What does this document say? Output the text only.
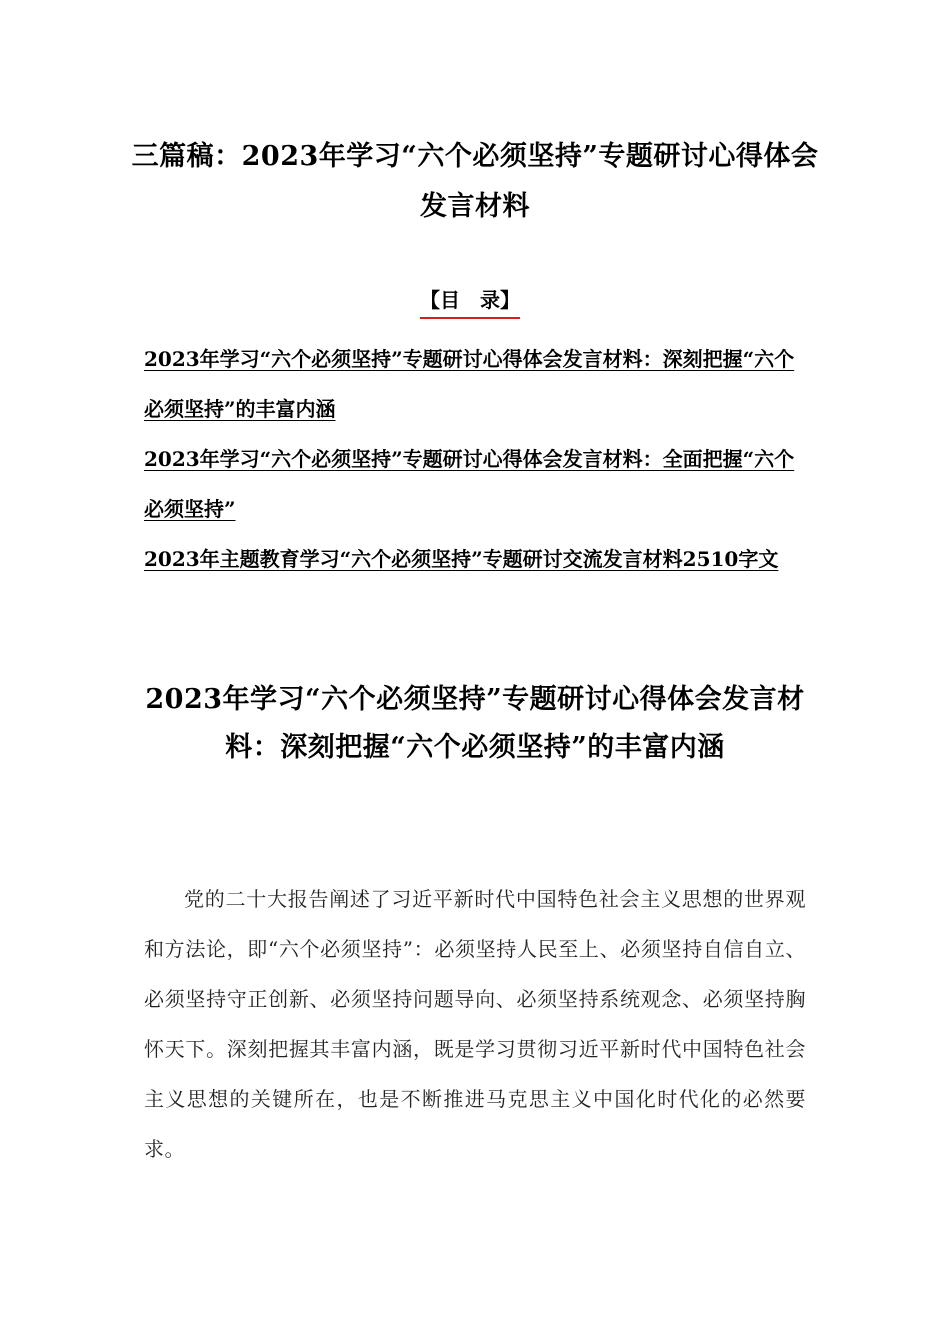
三篇稿：2023年学习“六个必须坚持”专题研讨心得体会发言材料
【目　录】
2023年学习“六个必须坚持”专题研讨心得体会发言材料：深刻把握“六个必须坚持”的丰富内涵
2023年学习“六个必须坚持”专题研讨心得体会发言材料：全面把握“六个必须坚持”
2023年主题教育学习“六个必须坚持”专题研讨交流发言材料2510字文
2023年学习“六个必须坚持”专题研讨心得体会发言材料：深刻把握“六个必须坚持”的丰富内涵
党的二十大报告阐述了习近平新时代中国特色社会主义思想的世界观和方法论，即“六个必须坚持”：必须坚持人民至上、必须坚持自信自立、必须坚持守正创新、必须坚持问题导向、必须坚持系统观念、必须坚持胸怀天下。深刻把握其丰富内涵，既是学习贯彻习近平新时代中国特色社会主义思想的关键所在，也是不断推进马克思主义中国化时代化的必然要求。
